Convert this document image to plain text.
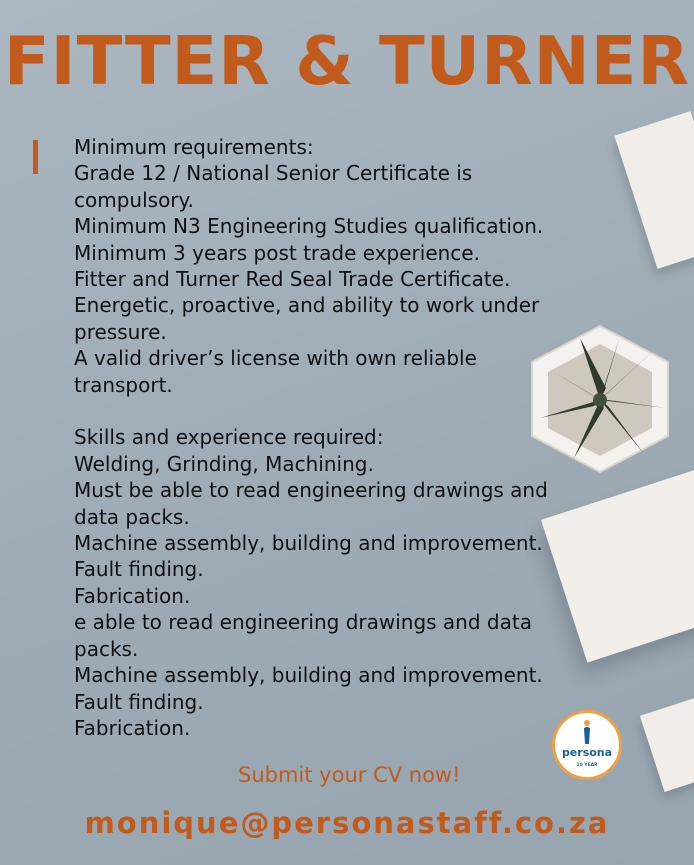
FITTER & TURNER
Minimum requirements:
Grade 12 / National Senior Certificate is
compulsory.
Minimum N3 Engineering Studies qualification.
Minimum 3 years post trade experience.
Fitter and Turner Red Seal Trade Certificate.
Energetic, proactive, and ability to work under
pressure.
A valid driver’s license with own reliable
transport.
Skills and experience required:
Welding, Grinding, Machining.
Must be able to read engineering drawings and
data packs.
Machine assembly, building and improvement.
Fault finding.
Fabrication.
e able to read engineering drawings and data
packs.
Machine assembly, building and improvement.
Fault finding.
Fabrication.
persona
10 YEAR
Submit your CV now!
monique@personastaff.co.za
